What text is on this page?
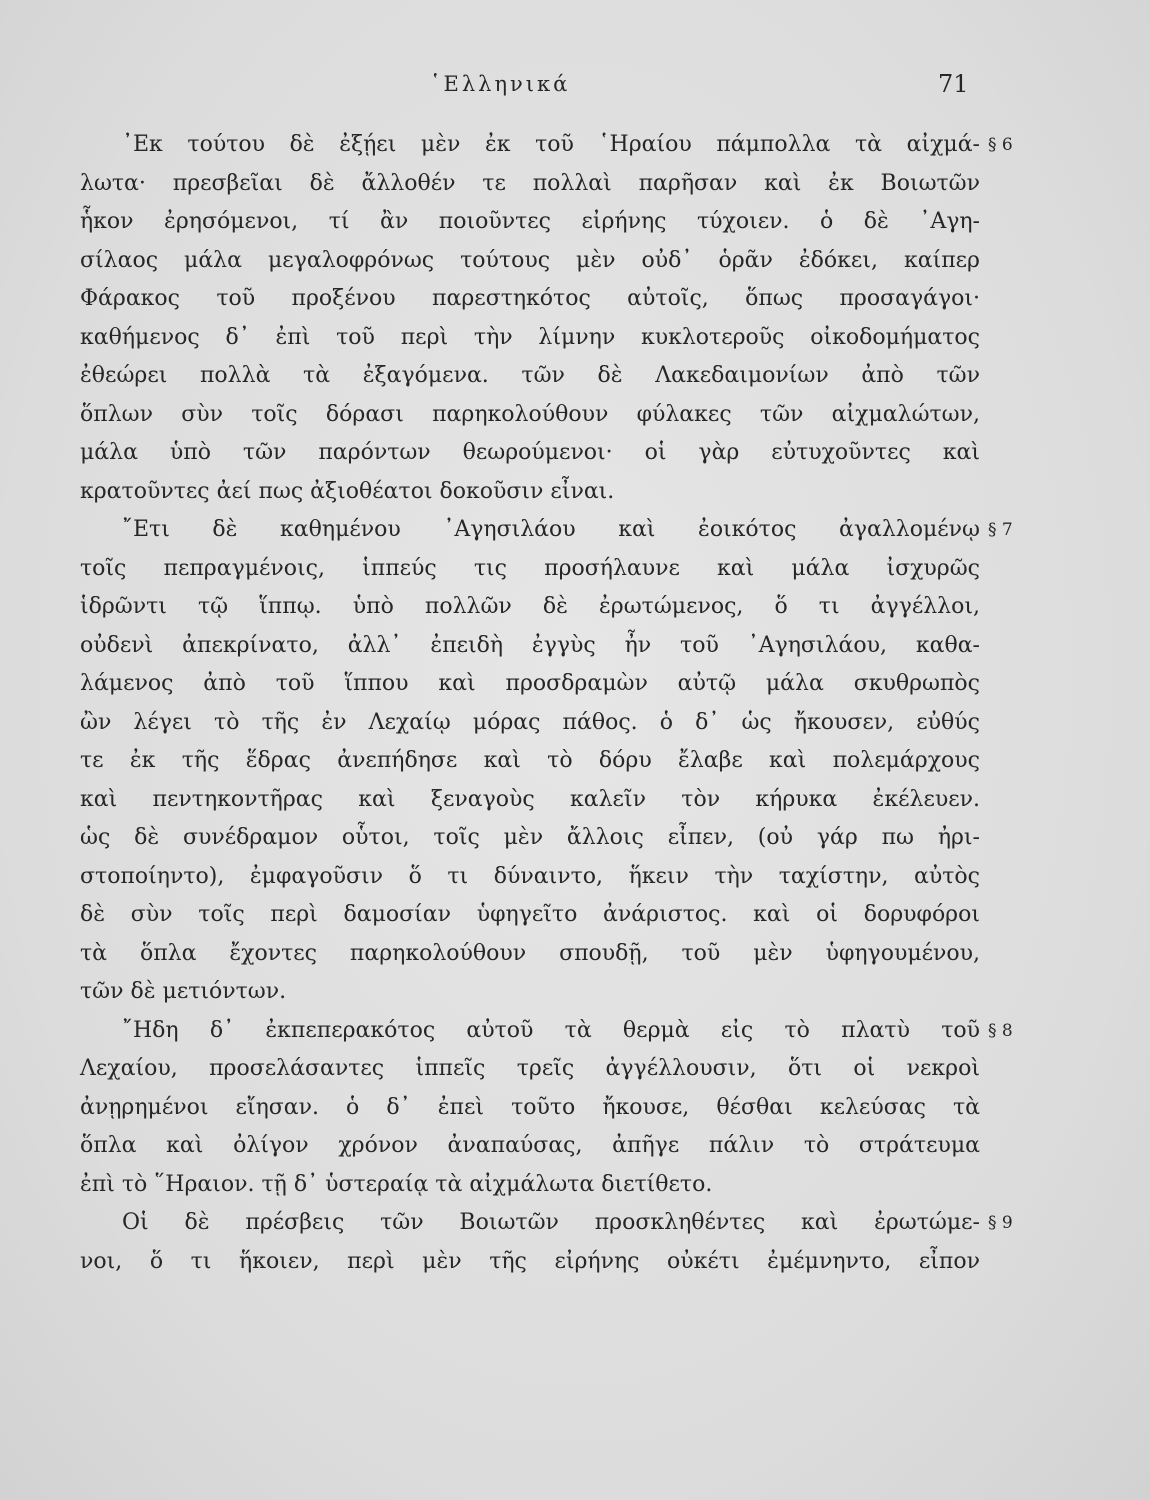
῾Ελληνικά	71
᾿Εκ τούτου δὲ ἐξῄει μὲν ἐκ τοῦ ῾Ηραίου πάμπολλα τὰ αἰχμά-
λωτα· πρεσβεῖαι δὲ ἄλλοθέν τε πολλαὶ παρῆσαν καὶ ἐκ Βοιωτῶν
ἧκον ἐρησόμενοι, τί ἂν ποιοῦντες εἰρήνης τύχοιεν. ὁ δὲ ᾿Αγη-
σίλαος μάλα μεγαλοφρόνως τούτους μὲν οὐδ᾿ ὁρᾶν ἐδόκει, καίπερ
Φάρακος τοῦ προξένου παρεστηκότος αὐτοῖς, ὅπως προσαγάγοι·
καθήμενος δ᾿ ἐπὶ τοῦ περὶ τὴν λίμνην κυκλοτεροῦς οἰκοδομήματος
ἐθεώρει πολλὰ τὰ ἐξαγόμενα. τῶν δὲ Λακεδαιμονίων ἀπὸ τῶν
ὅπλων σὺν τοῖς δόρασι παρηκολούθουν φύλακες τῶν αἰχμαλώτων,
μάλα ὑπὸ τῶν παρόντων θεωρούμενοι· οἱ γὰρ εὐτυχοῦντες καὶ
κρατοῦντες ἀεί πως ἀξιοθέατοι δοκοῦσιν εἶναι.
῎Ετι δὲ καθημένου ᾿Αγησιλάου καὶ ἐοικότος ἀγαλλομένῳ
τοῖς πεπραγμένοις, ἱππεύς τις προσήλαυνε καὶ μάλα ἰσχυρῶς
ἱδρῶντι τῷ ἵππῳ. ὑπὸ πολλῶν δὲ ἐρωτώμενος, ὅ τι ἀγγέλλοι,
οὐδενὶ ἀπεκρίνατο, ἀλλ᾿ ἐπειδὴ ἐγγὺς ἦν τοῦ ᾿Αγησιλάου, καθα-
λάμενος ἀπὸ τοῦ ἵππου καὶ προσδραμὼν αὐτῷ μάλα σκυθρωπὸς
ὢν λέγει τὸ τῆς ἐν Λεχαίῳ μόρας πάθος. ὁ δ᾿ ὡς ἤκουσεν, εὐθύς
τε ἐκ τῆς ἕδρας ἀνεπήδησε καὶ τὸ δόρυ ἔλαβε καὶ πολεμάρχους
καὶ πεντηκοντῆρας καὶ ξεναγοὺς καλεῖν τὸν κήρυκα ἐκέλευεν.
ὡς δὲ συνέδραμον οὗτοι, τοῖς μὲν ἄλλοις εἶπεν, (οὐ γάρ πω ἠρι-
στοποίηντο), ἐμφαγοῦσιν ὅ τι δύναιντο, ἥκειν τὴν ταχίστην, αὐτὸς
δὲ σὺν τοῖς περὶ δαμοσίαν ὑφηγεῖτο ἀνάριστος. καὶ οἱ δορυφόροι
τὰ ὅπλα ἔχοντες παρηκολούθουν σπουδῇ, τοῦ μὲν ὑφηγουμένου,
τῶν δὲ μετιόντων.
῎Ηδη δ᾿ ἐκπεπερακότος αὐτοῦ τὰ θερμὰ εἰς τὸ πλατὺ τοῦ
Λεχαίου, προσελάσαντες ἱππεῖς τρεῖς ἀγγέλλουσιν, ὅτι οἱ νεκροὶ
ἀνῃρημένοι εἴησαν. ὁ δ᾿ ἐπεὶ τοῦτο ἤκουσε, θέσθαι κελεύσας τὰ
ὅπλα καὶ ὀλίγον χρόνον ἀναπαύσας, ἀπῆγε πάλιν τὸ στράτευμα
ἐπὶ τὸ ῞Ηραιον. τῇ δ᾿ ὑστεραίᾳ τὰ αἰχμάλωτα διετίθετο.
Οἱ δὲ πρέσβεις τῶν Βοιωτῶν προσκληθέντες καὶ ἐρωτώμε-
νοι, ὅ τι ἥκοιεν, περὶ μὲν τῆς εἰρήνης οὐκέτι ἐμέμνηντο, εἶπον
§ 6
§ 7
§ 8
§ 9
